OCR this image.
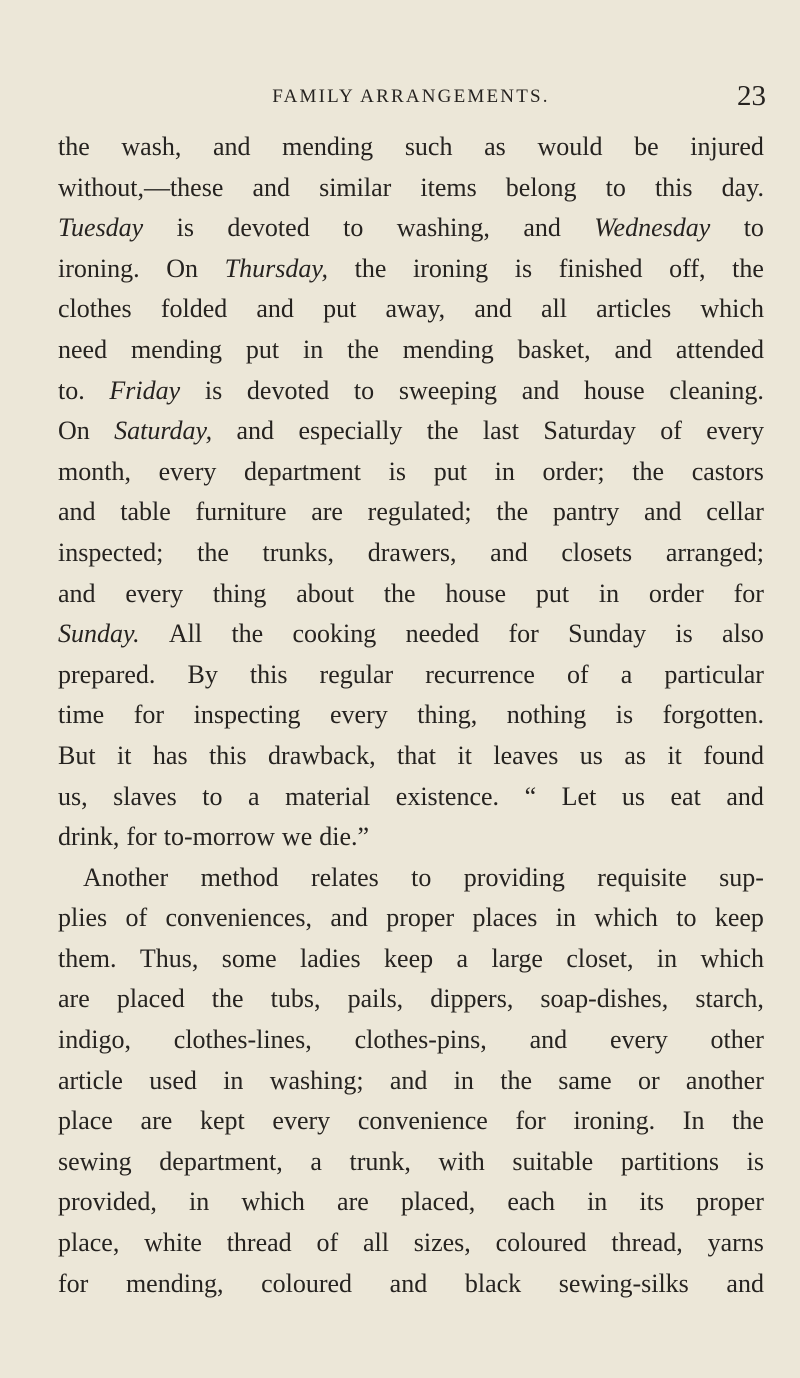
FAMILY ARRANGEMENTS.	23
the wash, and mending such as would be injured
without,—these and similar items belong to this day.
Tuesday is devoted to washing, and Wednesday to
ironing. On Thursday, the ironing is finished off, the
clothes folded and put away, and all articles which
need mending put in the mending basket, and attended
to. Friday is devoted to sweeping and house cleaning.
On Saturday, and especially the last Saturday of every
month, every department is put in order; the castors
and table furniture are regulated; the pantry and cellar
inspected; the trunks, drawers, and closets arranged;
and every thing about the house put in order for
Sunday. All the cooking needed for Sunday is also
prepared. By this regular recurrence of a particular
time for inspecting every thing, nothing is forgotten.
But it has this drawback, that it leaves us as it found
us, slaves to a material existence. “ Let us eat and
drink, for to-morrow we die.”
Another method relates to providing requisite sup-
plies of conveniences, and proper places in which to keep
them. Thus, some ladies keep a large closet, in which
are placed the tubs, pails, dippers, soap-dishes, starch,
indigo, clothes-lines, clothes-pins, and every other
article used in washing; and in the same or another
place are kept every convenience for ironing. In the
sewing department, a trunk, with suitable partitions is
provided, in which are placed, each in its proper
place, white thread of all sizes, coloured thread, yarns
for mending, coloured and black sewing-silks and
